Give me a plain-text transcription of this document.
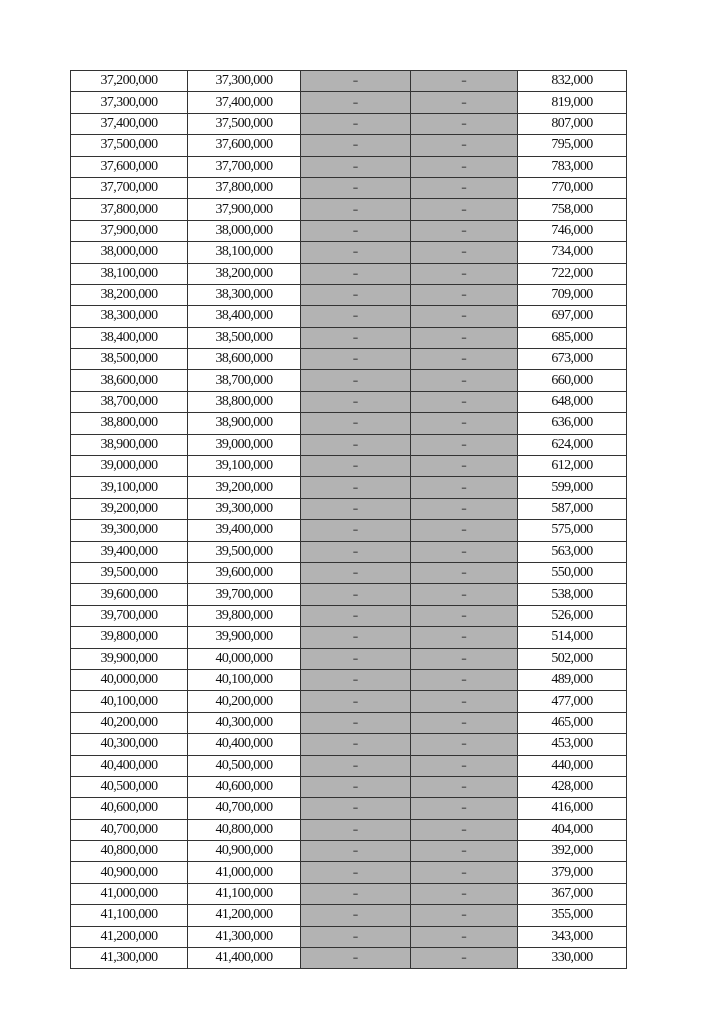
37,200,000	37,300,000	–	–	832,000
37,300,000	37,400,000	–	–	819,000
37,400,000	37,500,000	–	–	807,000
37,500,000	37,600,000	–	–	795,000
37,600,000	37,700,000	–	–	783,000
37,700,000	37,800,000	–	–	770,000
37,800,000	37,900,000	–	–	758,000
37,900,000	38,000,000	–	–	746,000
38,000,000	38,100,000	–	–	734,000
38,100,000	38,200,000	–	–	722,000
38,200,000	38,300,000	–	–	709,000
38,300,000	38,400,000	–	–	697,000
38,400,000	38,500,000	–	–	685,000
38,500,000	38,600,000	–	–	673,000
38,600,000	38,700,000	–	–	660,000
38,700,000	38,800,000	–	–	648,000
38,800,000	38,900,000	–	–	636,000
38,900,000	39,000,000	–	–	624,000
39,000,000	39,100,000	–	–	612,000
39,100,000	39,200,000	–	–	599,000
39,200,000	39,300,000	–	–	587,000
39,300,000	39,400,000	–	–	575,000
39,400,000	39,500,000	–	–	563,000
39,500,000	39,600,000	–	–	550,000
39,600,000	39,700,000	–	–	538,000
39,700,000	39,800,000	–	–	526,000
39,800,000	39,900,000	–	–	514,000
39,900,000	40,000,000	–	–	502,000
40,000,000	40,100,000	–	–	489,000
40,100,000	40,200,000	–	–	477,000
40,200,000	40,300,000	–	–	465,000
40,300,000	40,400,000	–	–	453,000
40,400,000	40,500,000	–	–	440,000
40,500,000	40,600,000	–	–	428,000
40,600,000	40,700,000	–	–	416,000
40,700,000	40,800,000	–	–	404,000
40,800,000	40,900,000	–	–	392,000
40,900,000	41,000,000	–	–	379,000
41,000,000	41,100,000	–	–	367,000
41,100,000	41,200,000	–	–	355,000
41,200,000	41,300,000	–	–	343,000
41,300,000	41,400,000	–	–	330,000
